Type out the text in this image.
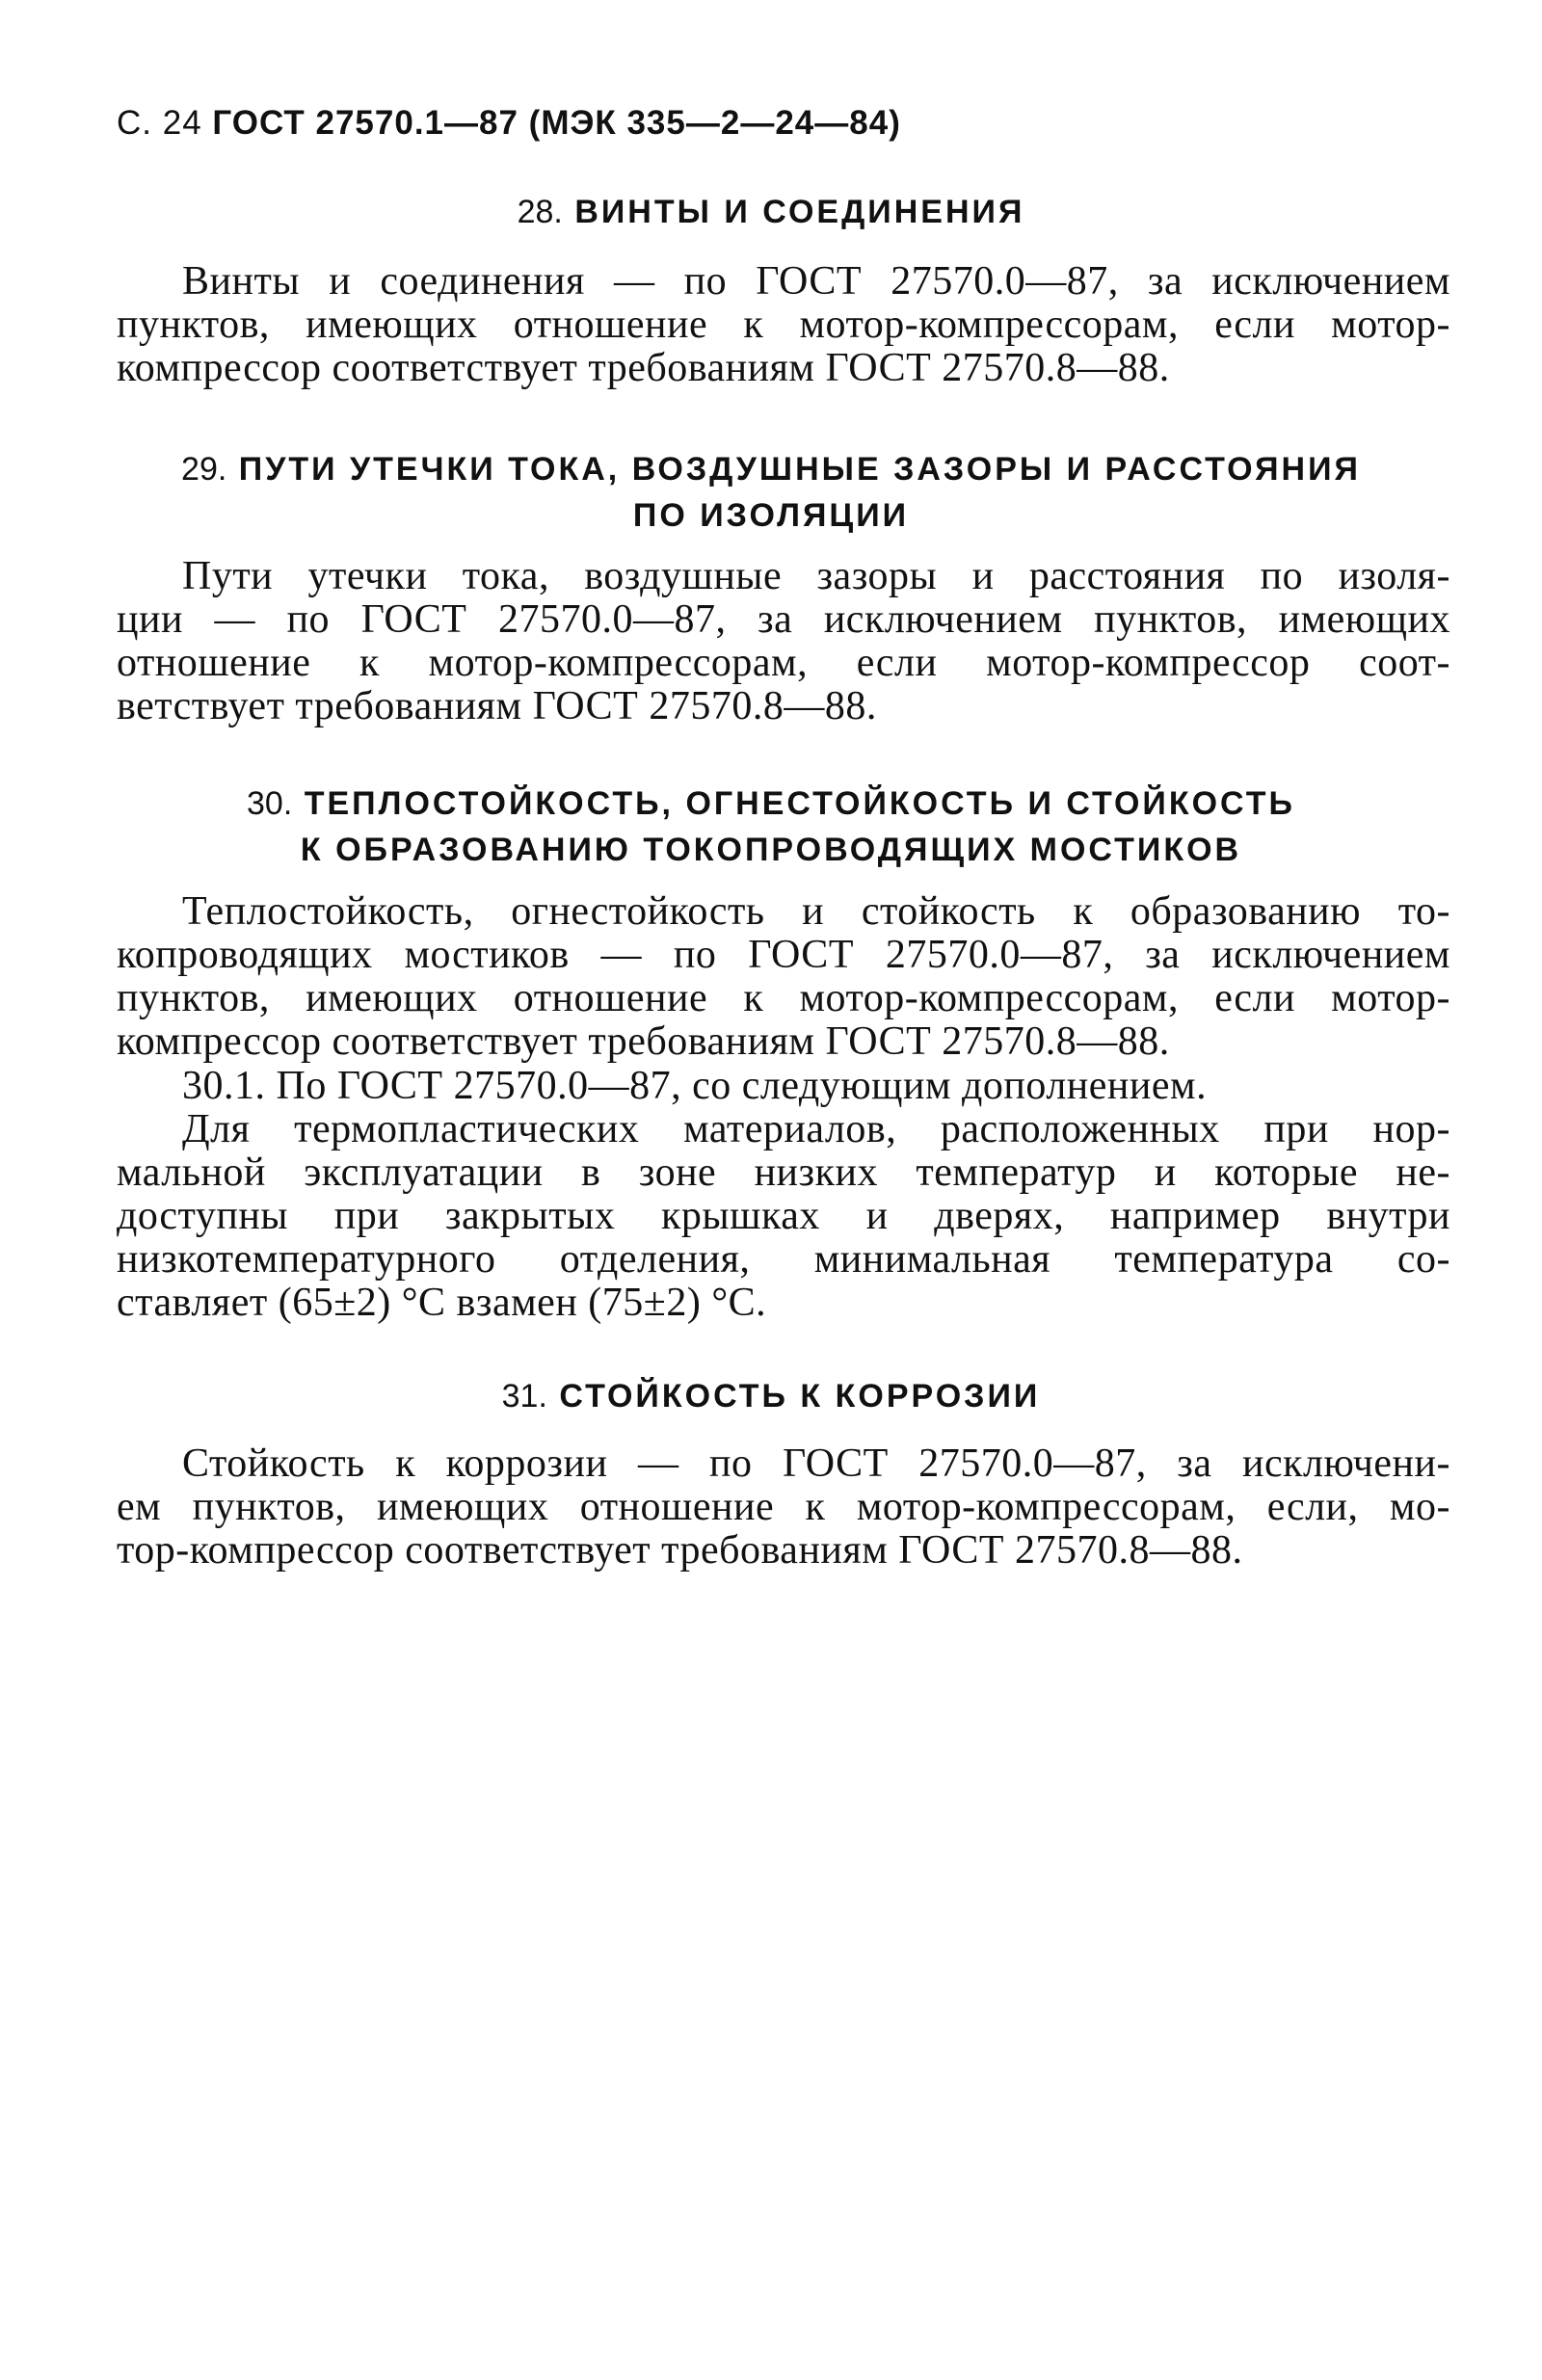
С. 24 ГОСТ 27570.1—87 (МЭК 335—2—24—84)
28. ВИНТЫ И СОЕДИНЕНИЯ
Винты и соединения — по ГОСТ 27570.0—87, за исключением
пунктов, имеющих отношение к мотор-компрессорам, если мотор-
компрессор соответствует требованиям ГОСТ 27570.8—88.
29. ПУТИ УТЕЧКИ ТОКА, ВОЗДУШНЫЕ ЗАЗОРЫ И РАССТОЯНИЯ
ПО ИЗОЛЯЦИИ
Пути утечки тока, воздушные зазоры и расстояния по изоля-
ции — по ГОСТ 27570.0—87, за исключением пунктов, имеющих
отношение к мотор-компрессорам, если мотор-компрессор соот-
ветствует требованиям ГОСТ 27570.8—88.
30. ТЕПЛОСТОЙКОСТЬ, ОГНЕСТОЙКОСТЬ И СТОЙКОСТЬ
К ОБРАЗОВАНИЮ ТОКОПРОВОДЯЩИХ МОСТИКОВ
Теплостойкость, огнестойкость и стойкость к образованию то-
копроводящих мостиков — по ГОСТ 27570.0—87, за исключением
пунктов, имеющих отношение к мотор-компрессорам, если мотор-
компрессор соответствует требованиям ГОСТ 27570.8—88.
30.1. По ГОСТ 27570.0—87, со следующим дополнением.
Для термопластических материалов, расположенных при нор-
мальной эксплуатации в зоне низких температур и которые не-
доступны при закрытых крышках и дверях, например внутри
низкотемпературного отделения, минимальная температура со-
ставляет (65±2) °С взамен (75±2) °С.
31. СТОЙКОСТЬ К КОРРОЗИИ
Стойкость к коррозии — по ГОСТ 27570.0—87, за исключени-
ем пунктов, имеющих отношение к мотор-компрессорам, если, мо-
тор-компрессор соответствует требованиям ГОСТ 27570.8—88.
